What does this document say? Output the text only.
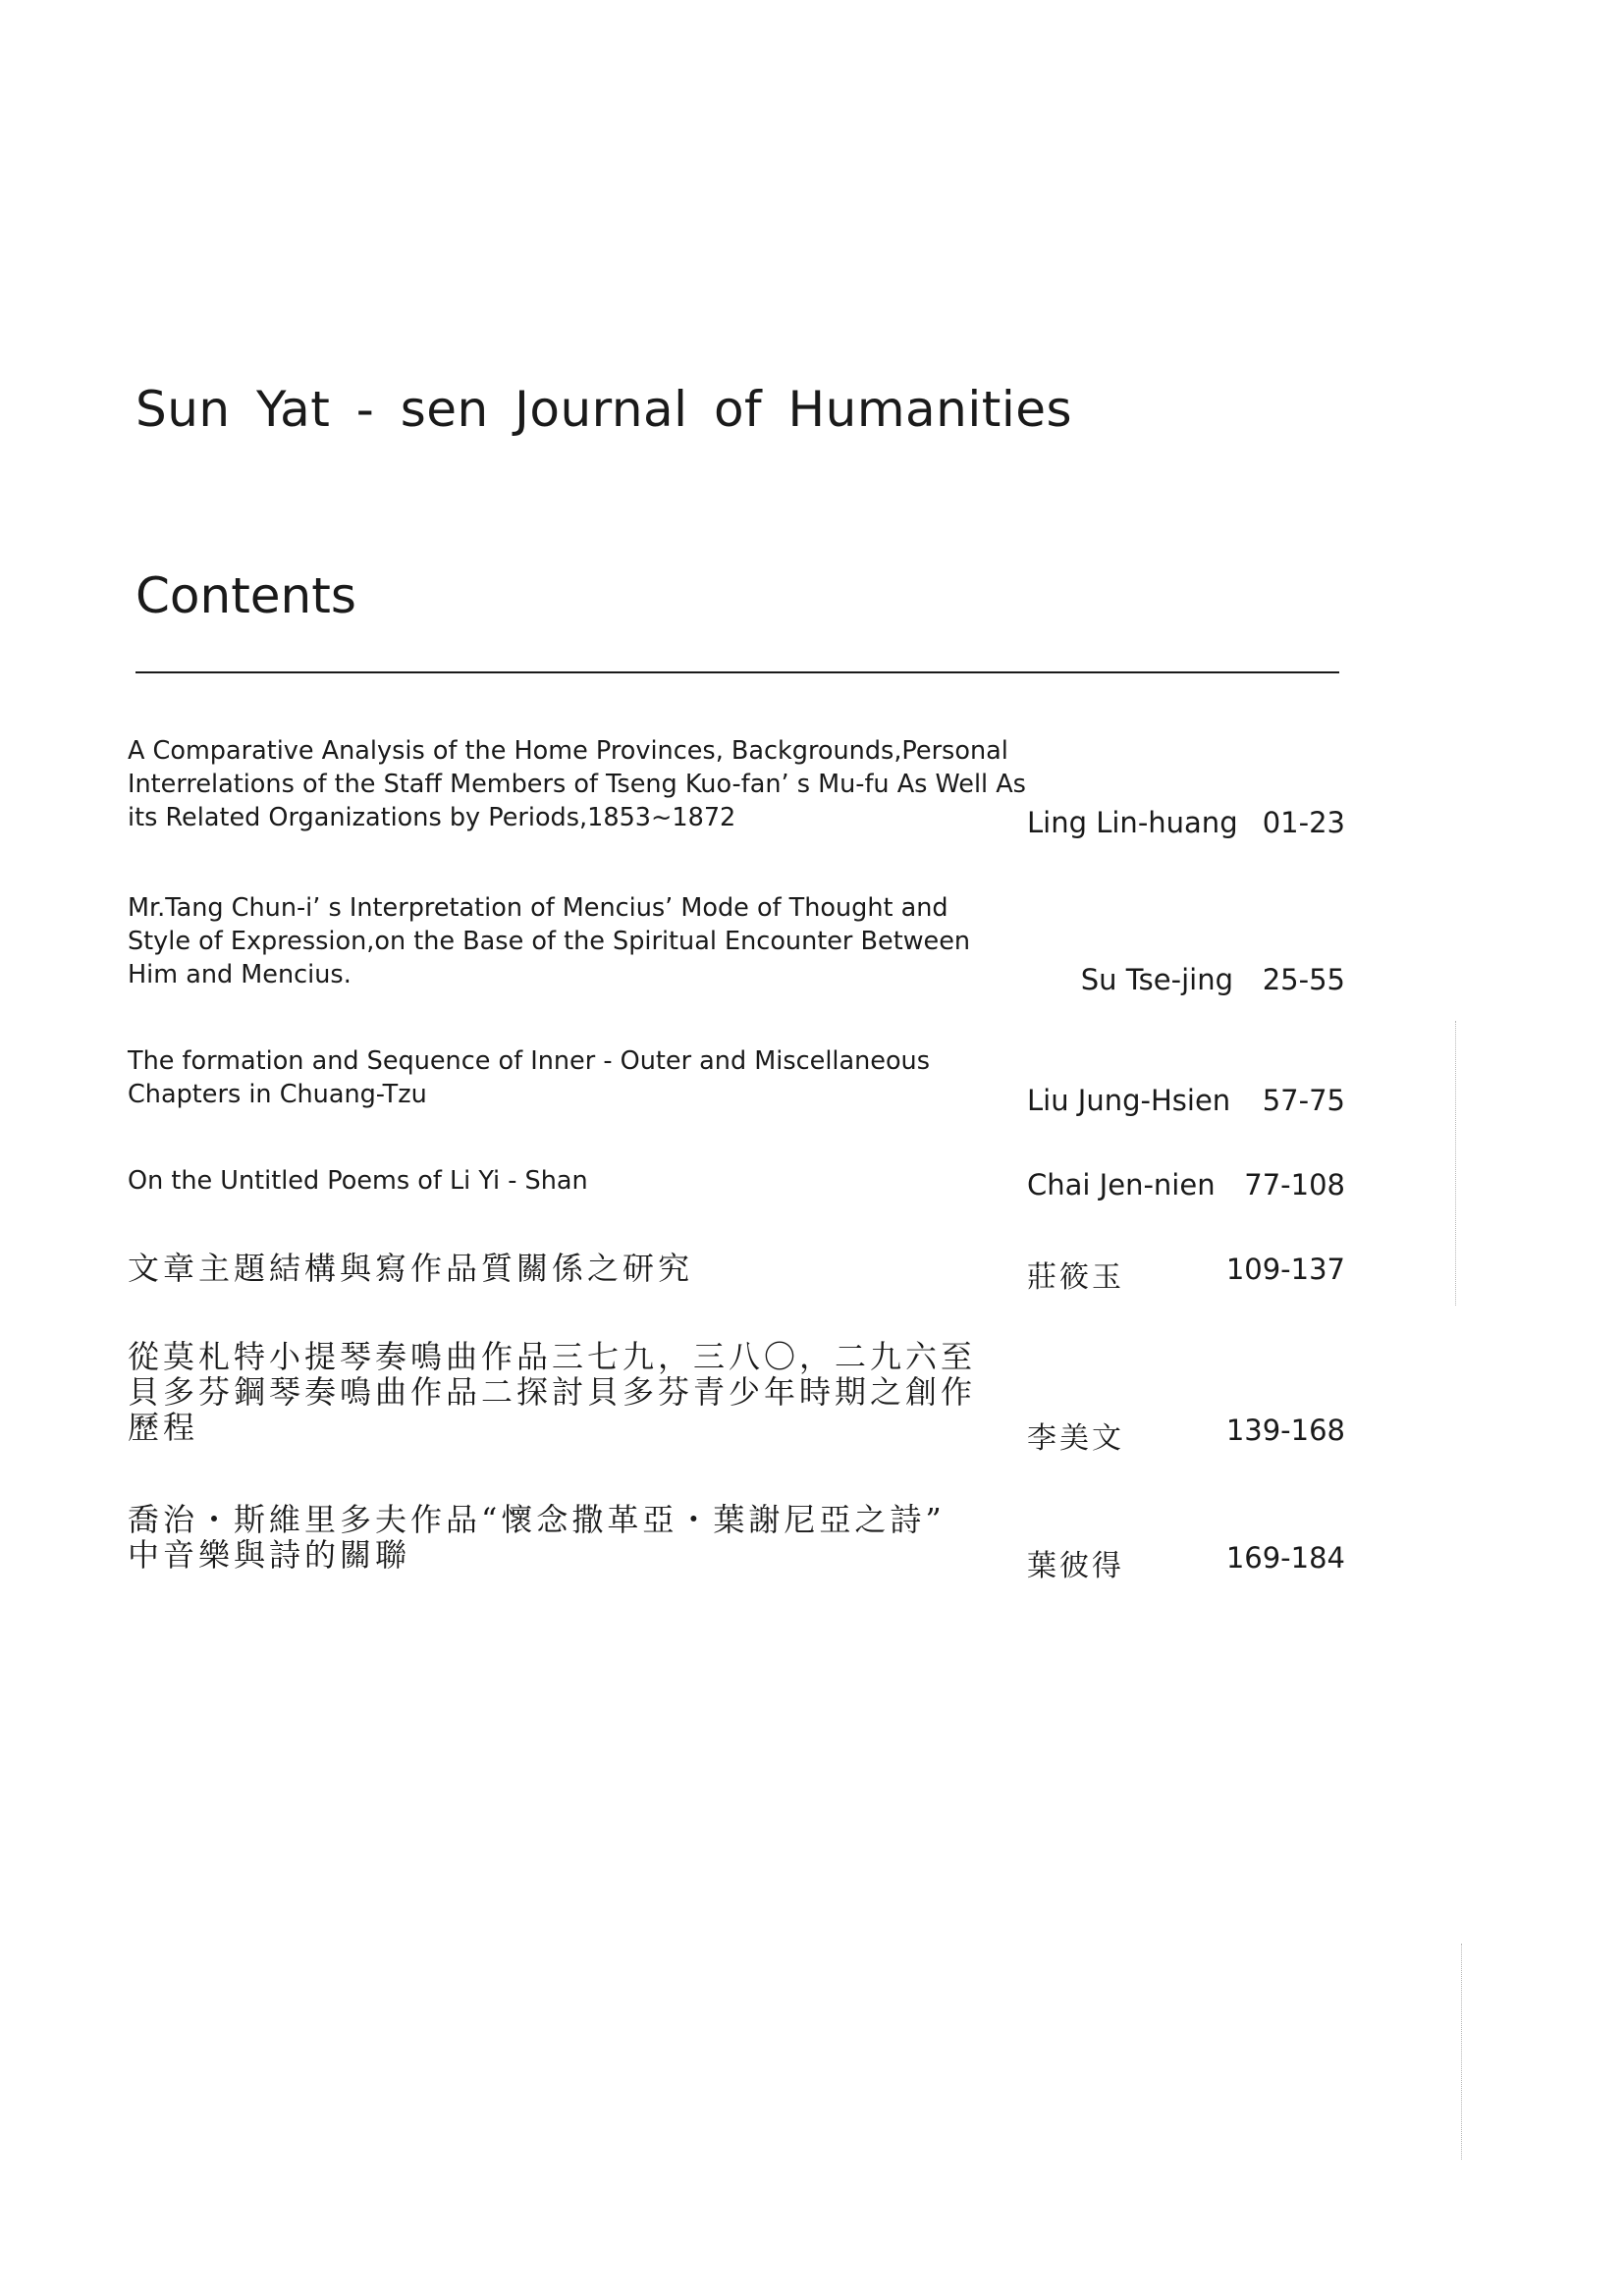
Sun Yat - sen Journal of Humanities
Contents
A Comparative Analysis of the Home Provinces, Backgrounds,Personal
Interrelations of the Staff Members of Tseng Kuo-fan’ s Mu-fu As Well As
its Related Organizations by Periods,1853∼1872	Ling Lin-huang 01-23
Mr.Tang Chun-i’ s Interpretation of Mencius’ Mode of Thought and
Style of Expression,on the Base of the Spiritual Encounter Between
Him and Mencius.	Su Tse-jing 25-55
The formation and Sequence of Inner - Outer and Miscellaneous
Chapters in Chuang-Tzu	Liu Jung-Hsien 57-75
On the Untitled Poems of Li Yi - Shan	Chai Jen-nien 77-108
文章主題結構與寫作品質關係之研究	莊筱玉	109-137
從莫札特小提琴奏鳴曲作品三七九，三八〇，二九六至
貝多芬鋼琴奏鳴曲作品二探討貝多芬青少年時期之創作
歷程	李美文	139-168
喬治・斯維里多夫作品“懷念撒革亞・葉謝尼亞之詩”
中音樂與詩的關聯	葉彼得	169-184
